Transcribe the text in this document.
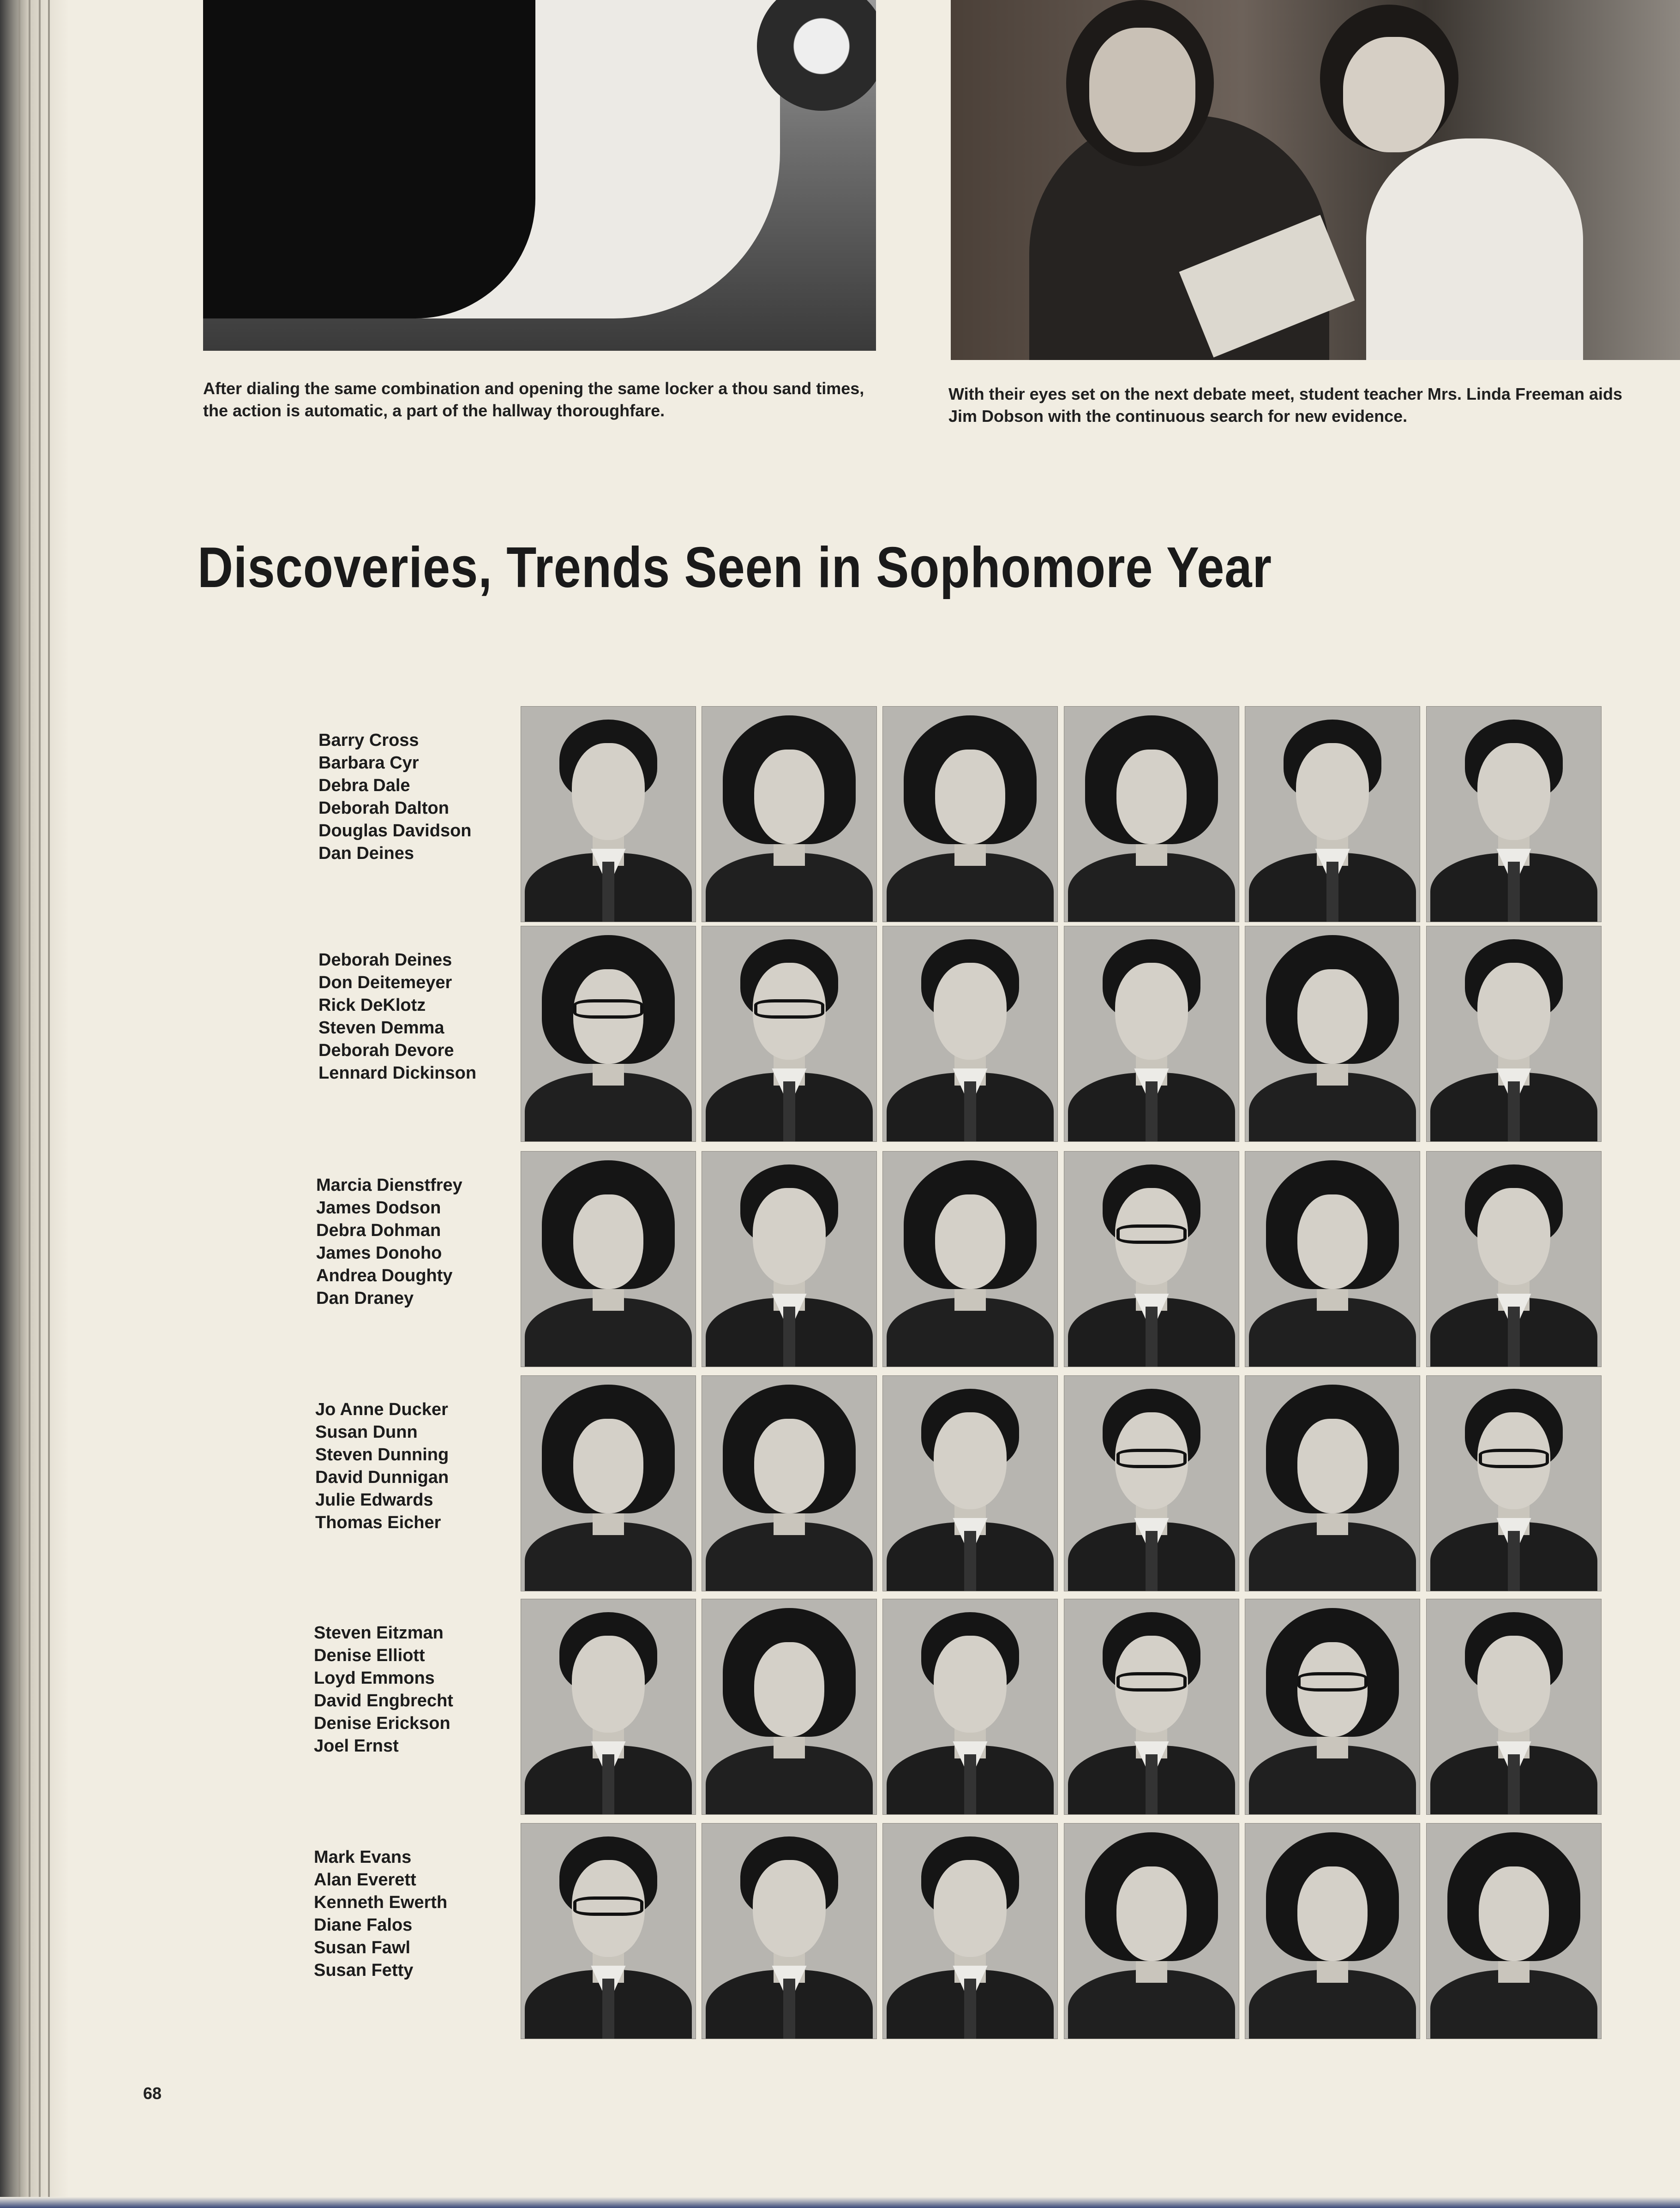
After dialing the same combination and opening the same locker a thou sand times, the action is automatic, a part of the hallway thoroughfare.

With their eyes set on the next debate meet, student teacher Mrs. Linda Freeman aids Jim Dobson with the continuous search for new evidence.

Discoveries, Trends Seen in Sophomore Year
Barry Cross
Barbara Cyr
Debra Dale
Deborah Dalton
Douglas Davidson
Dan Deines
Deborah Deines
Don Deitemeyer
Rick DeKlotz
Steven Demma
Deborah Devore
Lennard Dickinson
Marcia Dienstfrey
James Dodson
Debra Dohman
James Donoho
Andrea Doughty
Dan Draney
Jo Anne Ducker
Susan Dunn
Steven Dunning
David Dunnigan
Julie Edwards
Thomas Eicher
Steven Eitzman
Denise Elliott
Loyd Emmons
David Engbrecht
Denise Erickson
Joel Ernst
Mark Evans
Alan Everett
Kenneth Ewerth
Diane Falos
Susan Fawl
Susan Fetty

68
